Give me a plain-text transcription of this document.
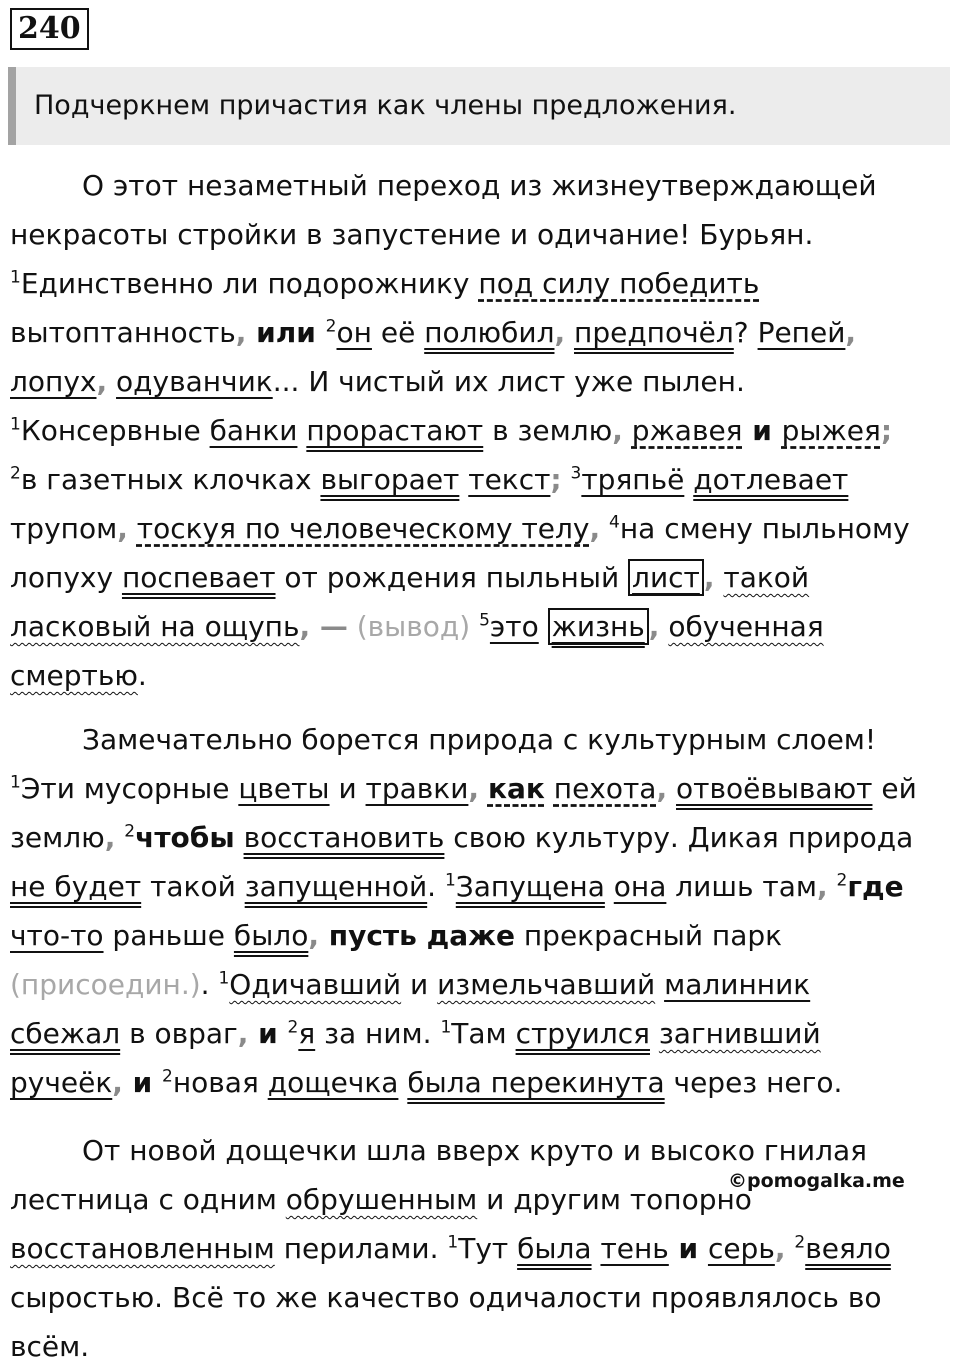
240
Подчеркнем причастия как члены предложения.
О этот незаметный переход из жизнеутверждающей
некрасоты стройки в запустение и одичание! Бурьян.
$^1$Единственно ли подорожнику под силу победить
вытоптанность, или $^2$он её полюбил, предпочёл? Репей,
лопух, одуванчик... И чистый их лист уже пылен.
$^1$Консервные банки прорастают в землю, ржавея и рыжея;
$^2$в газетных клочках выгорает текст; $^3$тряпьё дотлевает
трупом, тоскуя по человеческому телу, $^4$на смену пыльному
лопуху поспевает от рождения пыльный лист , такой
ласковый на ощупь, — (вывод) $^5$это жизнь , обученная
смертью.
Замечательно борется природа с культурным слоем!
$^1$Эти мусорные цветы и травки, как пехота, отвоёвывают ей
землю, $^2$чтобы восстановить свою культуру. Дикая природа
не будет такой запущенной. $^1$Запущена она лишь там, $^2$где
что-то раньше было, пусть даже прекрасный парк
(присоедин.). $^1$Одичавший и измельчавший малинник
сбежал в овраг, и $^2$я за ним. $^1$Там струился загнивший
ручеёк, и $^2$новая дощечка была перекинута через него.
От новой дощечки шла вверх круто и высоко гнилая
лестница с одним обрушенным и другим топорно
восстановленным перилами. $^1$Тут была тень и серь, $^2$веяло
сыростью. Всё то же качество одичалости проявлялось во
всём.
©pomogalka.me
